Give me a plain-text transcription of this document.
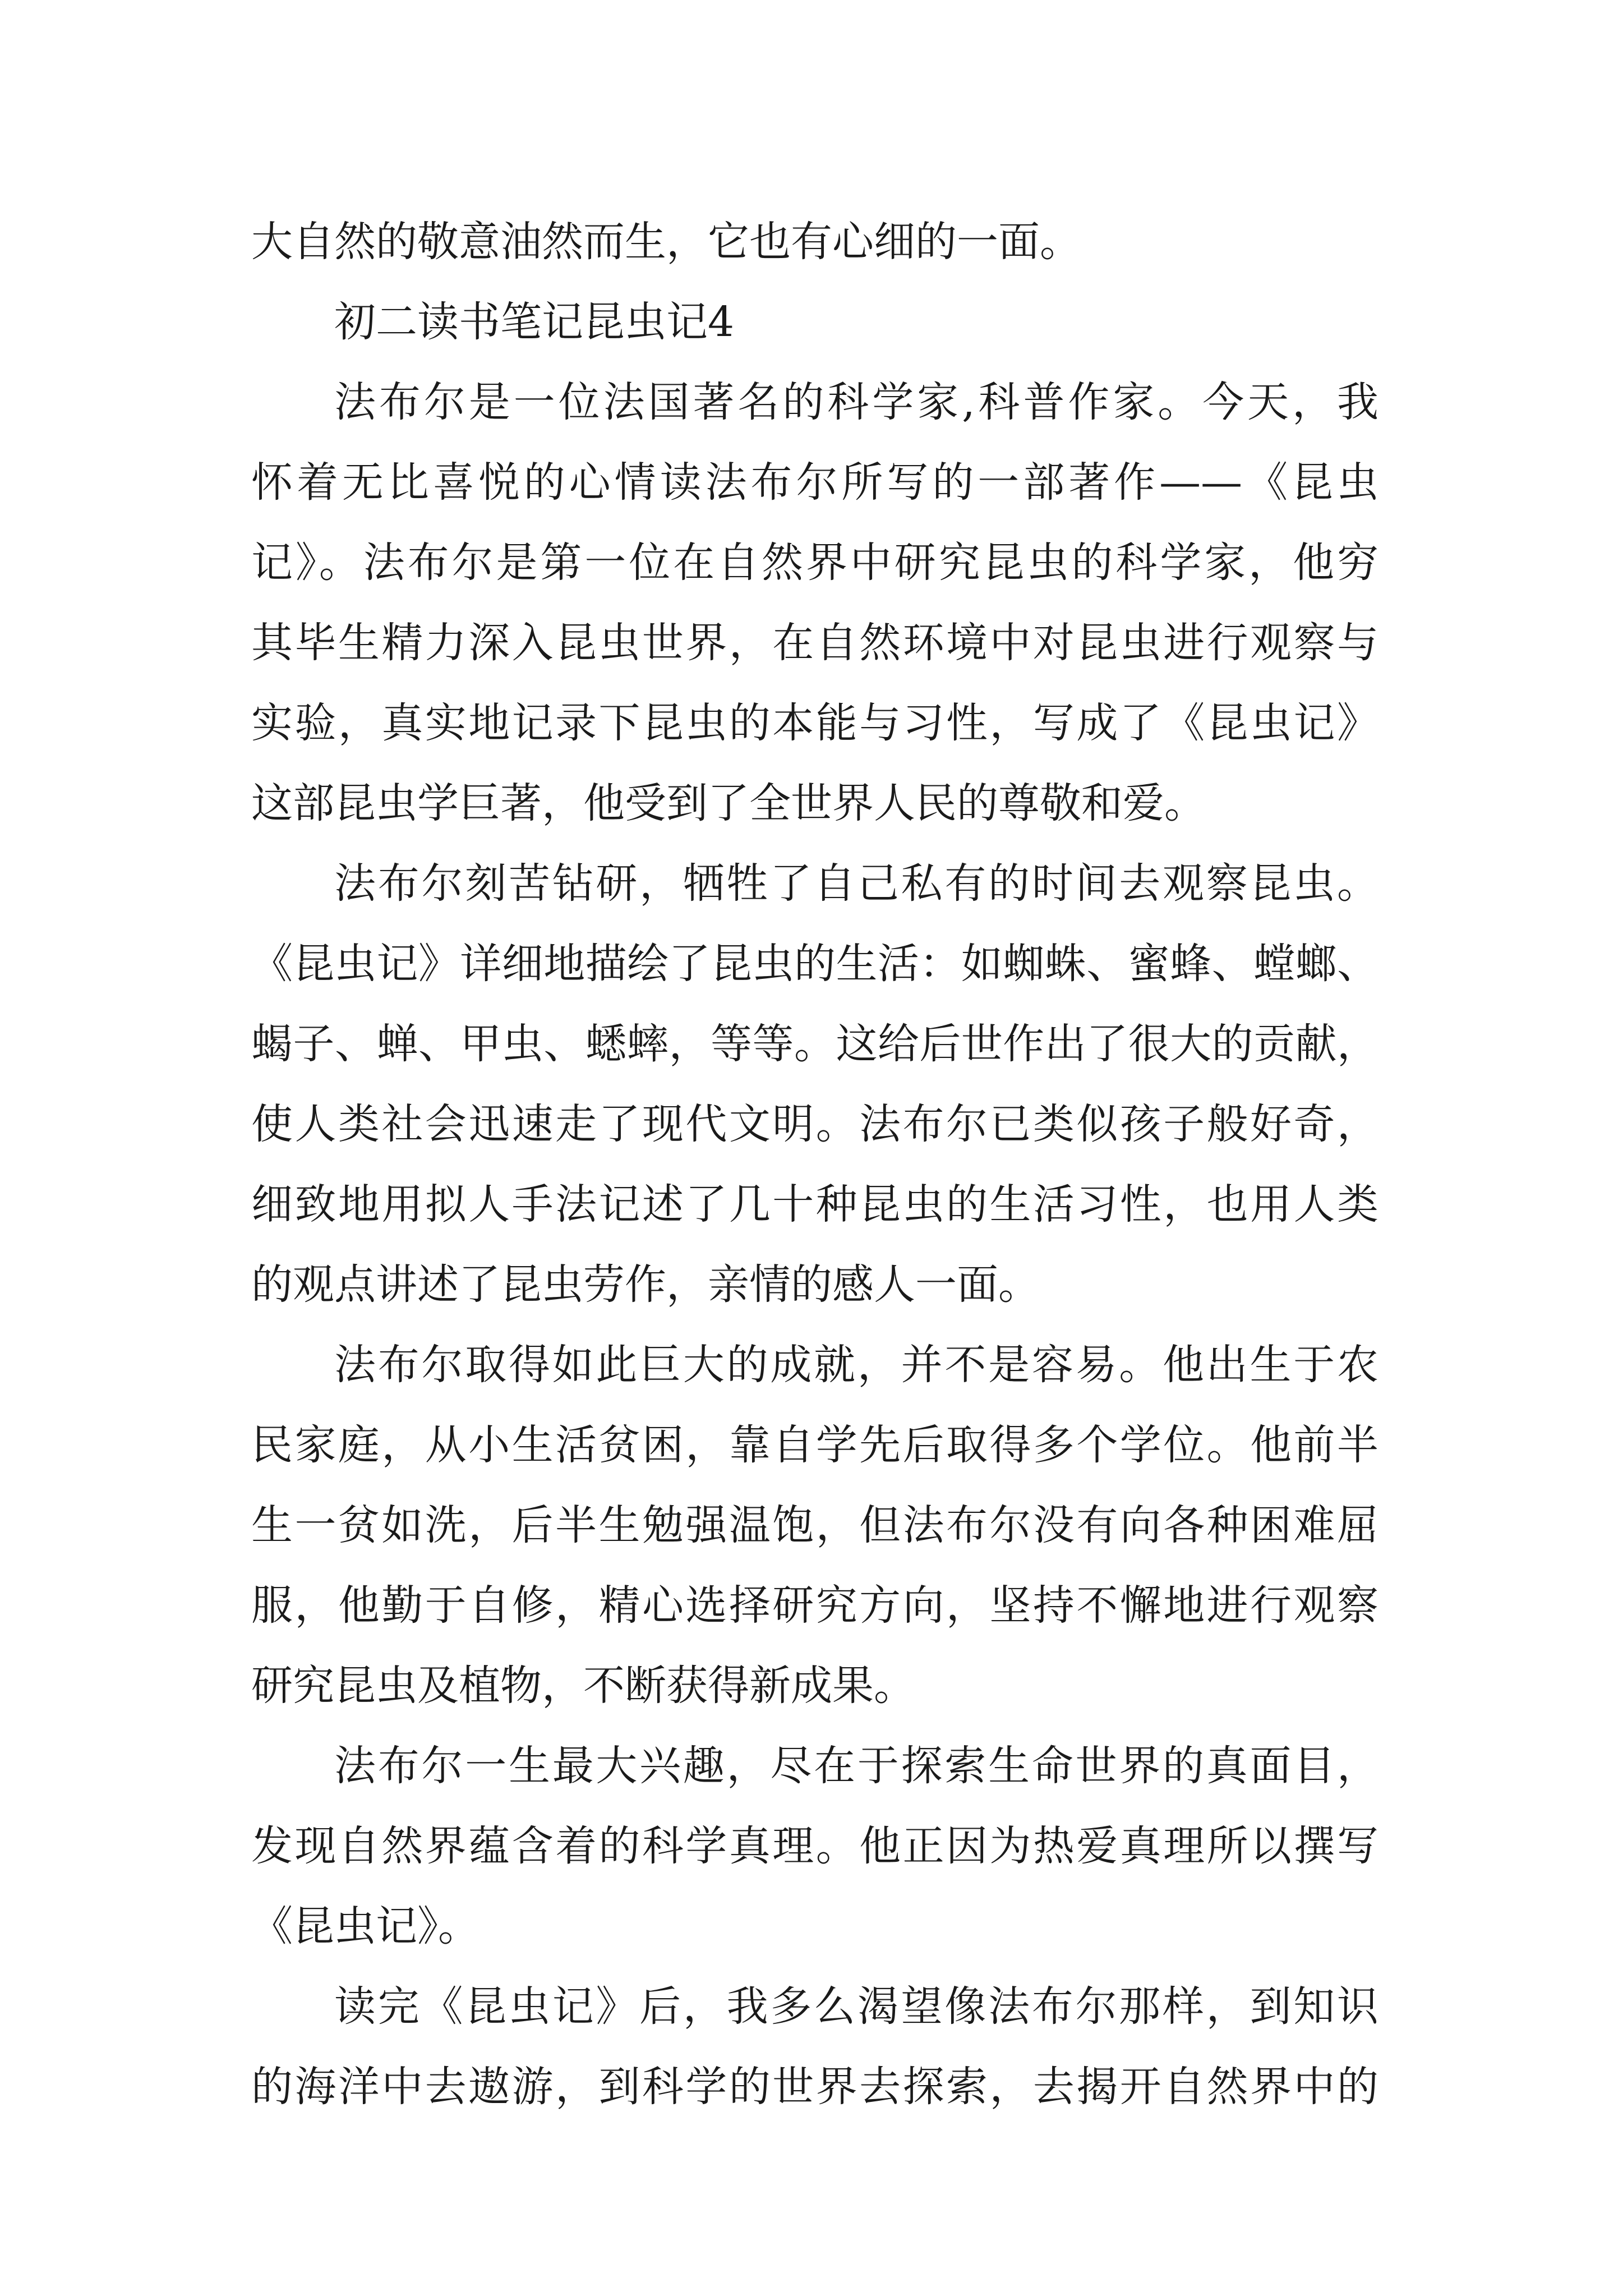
大自然的敬意油然而生，它也有心细的一面。
初二读书笔记昆虫记4
法布尔是一位法国著名的科学家,科普作家。今天，我
怀着无比喜悦的心情读法布尔所写的一部著作——《昆虫
记》。法布尔是第一位在自然界中研究昆虫的科学家，他穷
其毕生精力深入昆虫世界，在自然环境中对昆虫进行观察与
实验，真实地记录下昆虫的本能与习性，写成了《昆虫记》
这部昆虫学巨著，他受到了全世界人民的尊敬和爱。
法布尔刻苦钻研，牺牲了自己私有的时间去观察昆虫。
《昆虫记》详细地描绘了昆虫的生活：如蜘蛛、蜜蜂、螳螂、
蝎子、蝉、甲虫、蟋蟀，等等。这给后世作出了很大的贡献，
使人类社会迅速走了现代文明。法布尔已类似孩子般好奇，
细致地用拟人手法记述了几十种昆虫的生活习性，也用人类
的观点讲述了昆虫劳作，亲情的感人一面。
法布尔取得如此巨大的成就，并不是容易。他出生于农
民家庭，从小生活贫困，靠自学先后取得多个学位。他前半
生一贫如洗，后半生勉强温饱，但法布尔没有向各种困难屈
服，他勤于自修，精心选择研究方向，坚持不懈地进行观察
研究昆虫及植物，不断获得新成果。
法布尔一生最大兴趣，尽在于探索生命世界的真面目，
发现自然界蕴含着的科学真理。他正因为热爱真理所以撰写
《昆虫记》。
读完《昆虫记》后，我多么渴望像法布尔那样，到知识
的海洋中去遨游，到科学的世界去探索，去揭开自然界中的
